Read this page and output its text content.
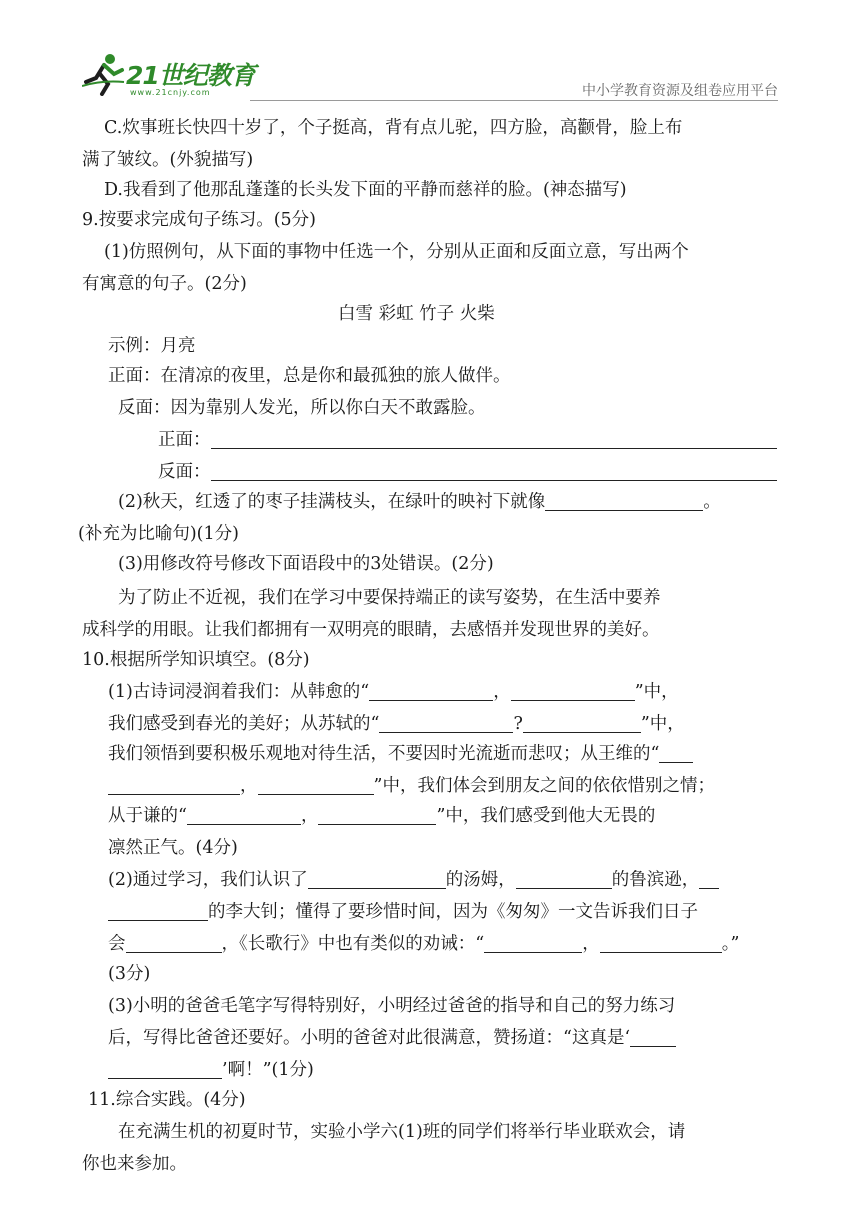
21世纪教育
www.21cnjy.com	中小学教育资源及组卷应用平台
C.炊事班长快四十岁了，个子挺高，背有点儿驼，四方脸，高颧骨，脸上布
满了皱纹。(外貌描写)
D.我看到了他那乱蓬蓬的长头发下面的平静而慈祥的脸。(神态描写)
9.按要求完成句子练习。(5分)
(1)仿照例句，从下面的事物中任选一个，分别从正面和反面立意，写出两个
有寓意的句子。(2分)
白雪 彩虹 竹子 火柴
示例：月亮
正面：在清凉的夜里，总是你和最孤独的旅人做伴。
反面：因为靠别人发光，所以你白天不敢露脸。
正面：
反面：
(2)秋天，红透了的枣子挂满枝头，在绿叶的映衬下就像	。
(补充为比喻句)(1分)
(3)用修改符号修改下面语段中的3处错误。(2分)
为了防止不近视，我们在学习中要保持端正的读写姿势，在生活中要养
成科学的用眼。让我们都拥有一双明亮的眼睛，去感悟并发现世界的美好。
10.根据所学知识填空。(8分)
(1)古诗词浸润着我们：从韩愈的“	，	”中，
我们感受到春光的美好；从苏轼的“	?	”中，
我们领悟到要积极乐观地对待生活，不要因时光流逝而悲叹；从王维的“
，	”中，我们体会到朋友之间的依依惜别之情；
从于谦的“	，	”中，我们感受到他大无畏的
凛然正气。(4分)
(2)通过学习，我们认识了	的汤姆，	的鲁滨逊，
的李大钊；懂得了要珍惜时间，因为《匆匆》一文告诉我们日子
会	，《长歌行》中也有类似的劝诫：“	，	。”
(3分)
(3)小明的爸爸毛笔字写得特别好，小明经过爸爸的指导和自己的努力练习
后，写得比爸爸还要好。小明的爸爸对此很满意，赞扬道：“这真是‘
’啊！”(1分)
11.综合实践。(4分)
在充满生机的初夏时节，实验小学六(1)班的同学们将举行毕业联欢会，请
你也来参加。
